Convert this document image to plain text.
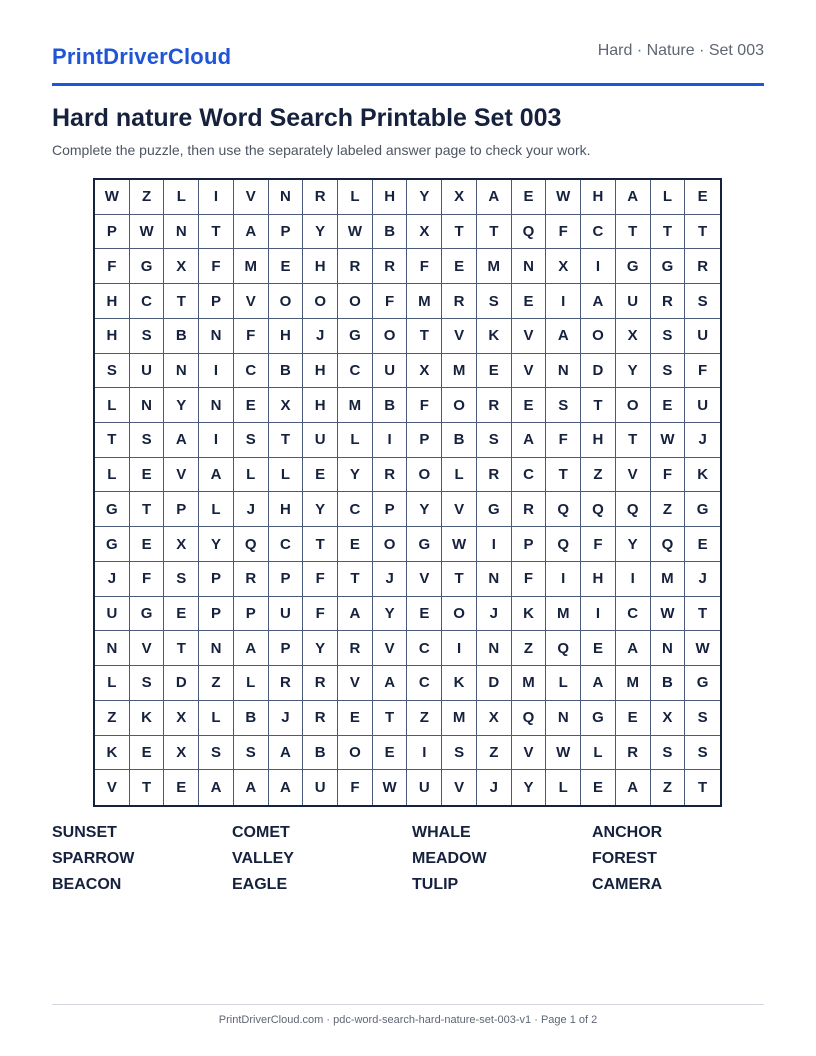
PrintDriverCloud	Hard · Nature · Set 003
Hard nature Word Search Printable Set 003
Complete the puzzle, then use the separately labeled answer page to check your work.
W	Z	L	I	V	N	R	L	H	Y	X	A	E	W	H	A	L	E
P	W	N	T	A	P	Y	W	B	X	T	T	Q	F	C	T	T	T
F	G	X	F	M	E	H	R	R	F	E	M	N	X	I	G	G	R
H	C	T	P	V	O	O	O	F	M	R	S	E	I	A	U	R	S
H	S	B	N	F	H	J	G	O	T	V	K	V	A	O	X	S	U
S	U	N	I	C	B	H	C	U	X	M	E	V	N	D	Y	S	F
L	N	Y	N	E	X	H	M	B	F	O	R	E	S	T	O	E	U
T	S	A	I	S	T	U	L	I	P	B	S	A	F	H	T	W	J
L	E	V	A	L	L	E	Y	R	O	L	R	C	T	Z	V	F	K
G	T	P	L	J	H	Y	C	P	Y	V	G	R	Q	Q	Q	Z	G
G	E	X	Y	Q	C	T	E	O	G	W	I	P	Q	F	Y	Q	E
J	F	S	P	R	P	F	T	J	V	T	N	F	I	H	I	M	J
U	G	E	P	P	U	F	A	Y	E	O	J	K	M	I	C	W	T
N	V	T	N	A	P	Y	R	V	C	I	N	Z	Q	E	A	N	W
L	S	D	Z	L	R	R	V	A	C	K	D	M	L	A	M	B	G
Z	K	X	L	B	J	R	E	T	Z	M	X	Q	N	G	E	X	S
K	E	X	S	S	A	B	O	E	I	S	Z	V	W	L	R	S	S
V	T	E	A	A	A	U	F	W	U	V	J	Y	L	E	A	Z	T
SUNSET	COMET	WHALE	ANCHOR
SPARROW	VALLEY	MEADOW	FOREST
BEACON	EAGLE	TULIP	CAMERA
PrintDriverCloud.com · pdc-word-search-hard-nature-set-003-v1 · Page 1 of 2
